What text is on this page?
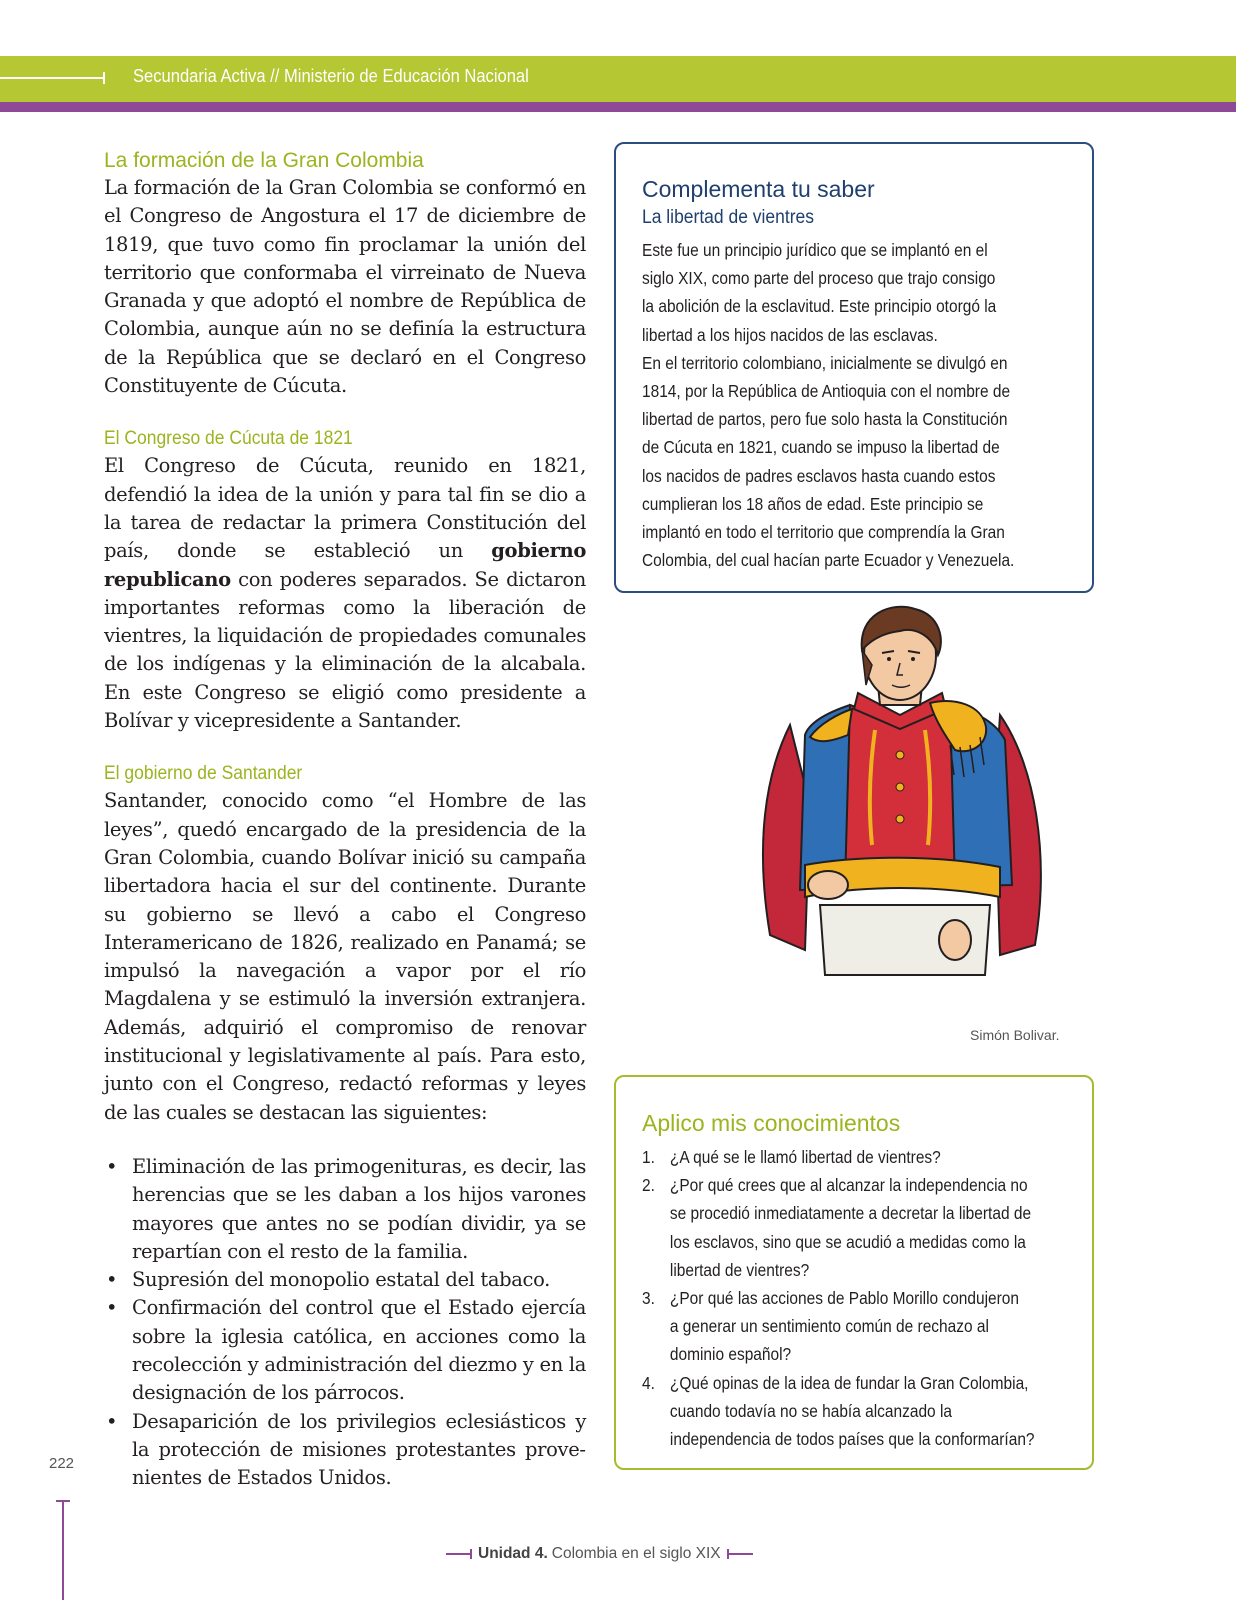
Secundaria Activa // Ministerio de Educación Nacional
La formación de la Gran Colombia

La formación de la Gran Colombia se conformó en el Congreso de Angostura el 17 de diciembre de 1819, que tuvo como fin proclamar la unión del territorio que conformaba el virreinato de Nueva Granada y que adoptó el nombre de República de Colombia, aunque aún no se definía la estructura de la República que se declaró en el Congreso Constituyente de Cúcuta.

El Congreso de Cúcuta de 1821

El Congreso de Cúcuta, reunido en 1821, defendió la idea de la unión y para tal fin se dio a la tarea de redactar la primera Constitución del país, donde se estableció un gobierno republicano con poderes separados. Se dictaron importantes reformas como la liberación de vientres, la liquidación de propiedades comunales de los indígenas y la eliminación de la alcabala. En este Congreso se eligió como presidente a Bolívar y vicepresidente a Santander.

El gobierno de Santander

Santander, conocido como “el Hombre de las leyes”, quedó encargado de la presidencia de la Gran Colombia, cuando Bolívar inició su campaña libertadora hacia el sur del continente. Durante su gobierno se llevó a cabo el Congreso Interamericano de 1826, realizado en Panamá; se impulsó la navegación a vapor por el río Magdalena y se estimuló la inversión extranjera. Además, adquirió el compromiso de renovar institucional y legislativamente al país. Para esto, junto con el Congreso, redactó reformas y leyes de las cuales se destacan las siguientes:

• Eliminación de las primogenituras, es decir, las herencias que se les daban a los hijos varones mayores que antes no se podían dividir, ya se repartían con el resto de la familia.
• Supresión del monopolio estatal del tabaco.
• Confirmación del control que el Estado ejercía sobre la iglesia católica, en acciones como la recolección y administración del diezmo y en la designación de los párrocos.
• Desaparición de los privilegios eclesiásticos y la protección de misiones protestantes provenientes de Estados Unidos.
222
Complementa tu saber
La libertad de vientres
Este fue un principio jurídico que se implantó en el
siglo XIX, como parte del proceso que trajo consigo
la abolición de la esclavitud. Este principio otorgó la
libertad a los hijos nacidos de las esclavas.
En el territorio colombiano, inicialmente se divulgó en
1814, por la República de Antioquia con el nombre de
libertad de partos, pero fue solo hasta la Constitución
de Cúcuta en 1821, cuando se impuso la libertad de
los nacidos de padres esclavos hasta cuando estos
cumplieran los 18 años de edad. Este principio se
implantó en todo el territorio que comprendía la Gran
Colombia, del cual hacían parte Ecuador y Venezuela.
Simón Bolivar.
Aplico mis conocimientos
1. ¿A qué se le llamó libertad de vientres?
2. ¿Por qué crees que al alcanzar la independencia no
se procedió inmediatamente a decretar la libertad de
los esclavos, sino que se acudió a medidas como la
libertad de vientres?
3. ¿Por qué las acciones de Pablo Morillo condujeron
a generar un sentimiento común de rechazo al
dominio español?
4. ¿Qué opinas de la idea de fundar la Gran Colombia,
cuando todavía no se había alcanzado la
independencia de todos países que la conformarían?
Unidad 4. Colombia en el siglo XIX
